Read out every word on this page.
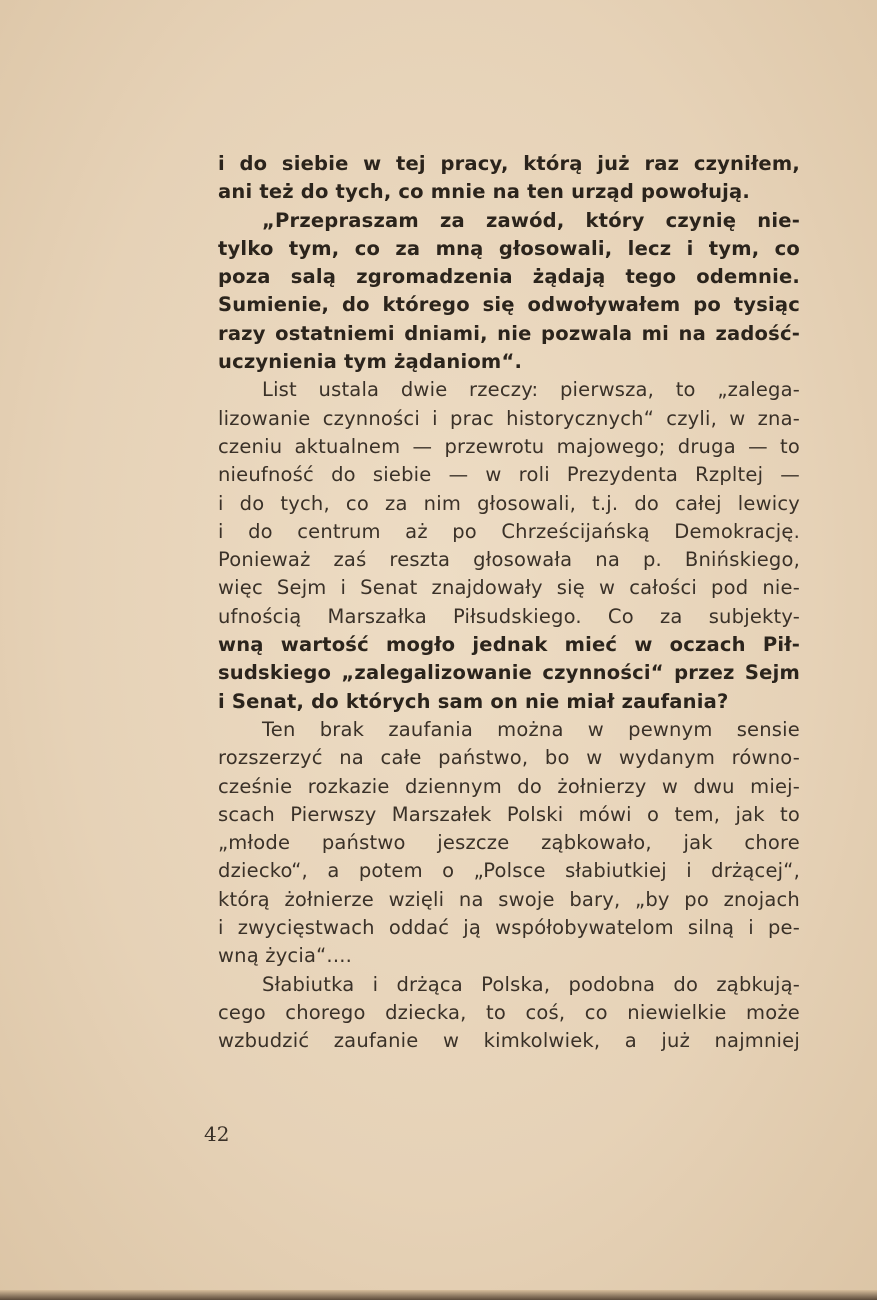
i do siebie w tej pracy, którą już raz czyniłem,
ani też do tych, co mnie na ten urząd powołują.
„Przepraszam za zawód, który czynię nie-
tylko tym, co za mną głosowali, lecz i tym, co
poza salą zgromadzenia żądają tego odemnie.
Sumienie, do którego się odwoływałem po tysiąc
razy ostatniemi dniami, nie pozwala mi na zadość-
uczynienia tym żądaniom“.
List ustala dwie rzeczy: pierwsza, to „zalega-
lizowanie czynności i prac historycznych“ czyli, w zna-
czeniu aktualnem — przewrotu majowego; druga — to
nieufność do siebie — w roli Prezydenta Rzpltej —
i do tych, co za nim głosowali, t.j. do całej lewicy
i do centrum aż po Chrześcijańską Demokrację.
Ponieważ zaś reszta głosowała na p. Bnińskiego,
więc Sejm i Senat znajdowały się w całości pod nie-
ufnością Marszałka Piłsudskiego. Co za subjekty-
wną wartość mogło jednak mieć w oczach Pił-
sudskiego „zalegalizowanie czynności“ przez Sejm
i Senat, do których sam on nie miał zaufania?
Ten brak zaufania można w pewnym sensie
rozszerzyć na całe państwo, bo w wydanym równo-
cześnie rozkazie dziennym do żołnierzy w dwu miej-
scach Pierwszy Marszałek Polski mówi o tem, jak to
„młode państwo jeszcze ząbkowało, jak chore
dziecko“, a potem o „Polsce słabiutkiej i drżącej“,
którą żołnierze wzięli na swoje bary, „by po znojach
i zwycięstwach oddać ją współobywatelom silną i pe-
wną życia“....
Słabiutka i drżąca Polska, podobna do ząbkują-
cego chorego dziecka, to coś, co niewielkie może
wzbudzić zaufanie w kimkolwiek, a już najmniej
42
